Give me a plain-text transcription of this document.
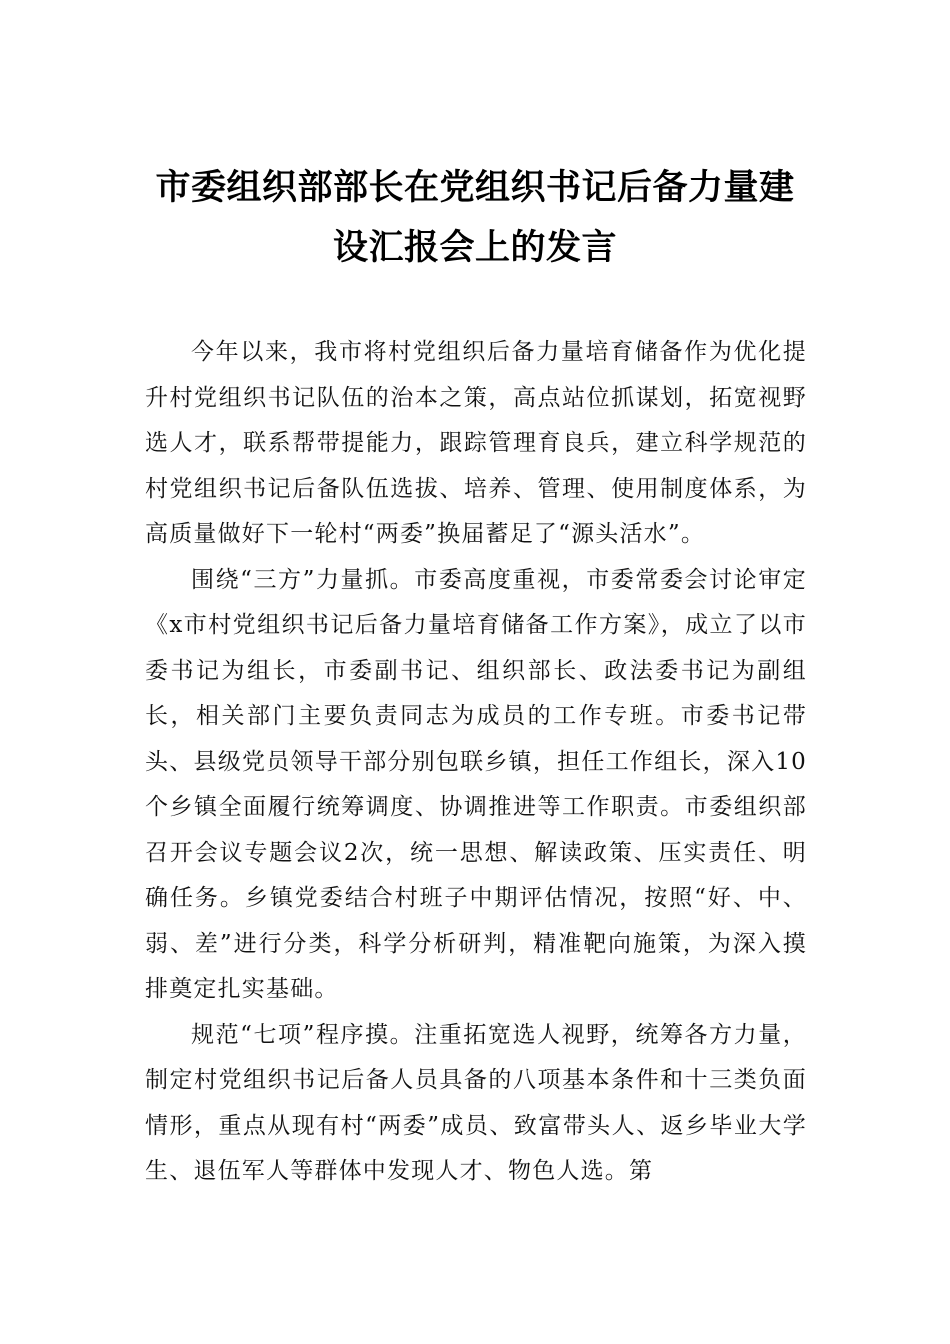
市委组织部部长在党组织书记后备力量建设汇报会上的发言

今年以来，我市将村党组织后备力量培育储备作为优化提升村党组织书记队伍的治本之策，高点站位抓谋划，拓宽视野选人才，联系帮带提能力，跟踪管理育良兵，建立科学规范的村党组织书记后备队伍选拔、培养、管理、使用制度体系，为高质量做好下一轮村“两委”换届蓄足了“源头活水”。

围绕“三方”力量抓。市委高度重视，市委常委会讨论审定《x市村党组织书记后备力量培育储备工作方案》，成立了以市委书记为组长，市委副书记、组织部长、政法委书记为副组长，相关部门主要负责同志为成员的工作专班。市委书记带头、县级党员领导干部分别包联乡镇，担任工作组长，深入10个乡镇全面履行统筹调度、协调推进等工作职责。市委组织部召开会议专题会议2次，统一思想、解读政策、压实责任、明确任务。乡镇党委结合村班子中期评估情况，按照“好、中、弱、差”进行分类，科学分析研判，精准靶向施策，为深入摸排奠定扎实基础。

规范“七项”程序摸。注重拓宽选人视野，统筹各方力量，制定村党组织书记后备人员具备的八项基本条件和十三类负面情形，重点从现有村“两委”成员、致富带头人、返乡毕业大学生、退伍军人等群体中发现人才、物色人选。第
